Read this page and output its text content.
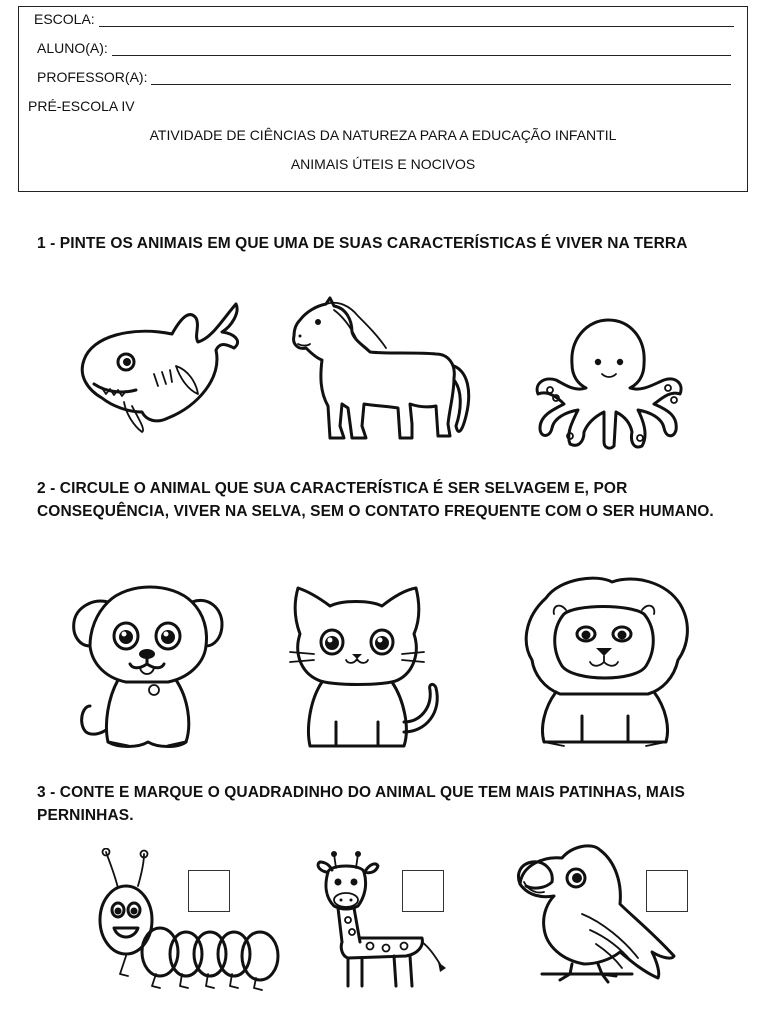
ESCOLA:
ALUNO(A):
PROFESSOR(A):
PRÉ-ESCOLA IV
ATIVIDADE DE CIÊNCIAS DA NATUREZA PARA A EDUCAÇÃO INFANTIL
ANIMAIS ÚTEIS E NOCIVOS
1 - PINTE OS ANIMAIS EM QUE UMA DE SUAS CARACTERÍSTICAS É VIVER NA TERRA
2 - CIRCULE O ANIMAL QUE SUA CARACTERÍSTICA É SER SELVAGEM E, POR CONSEQUÊNCIA, VIVER NA SELVA, SEM O CONTATO FREQUENTE COM O SER HUMANO.
3 - CONTE E MARQUE O QUADRADINHO DO ANIMAL QUE TEM MAIS PATINHAS, MAIS PERNINHAS.
